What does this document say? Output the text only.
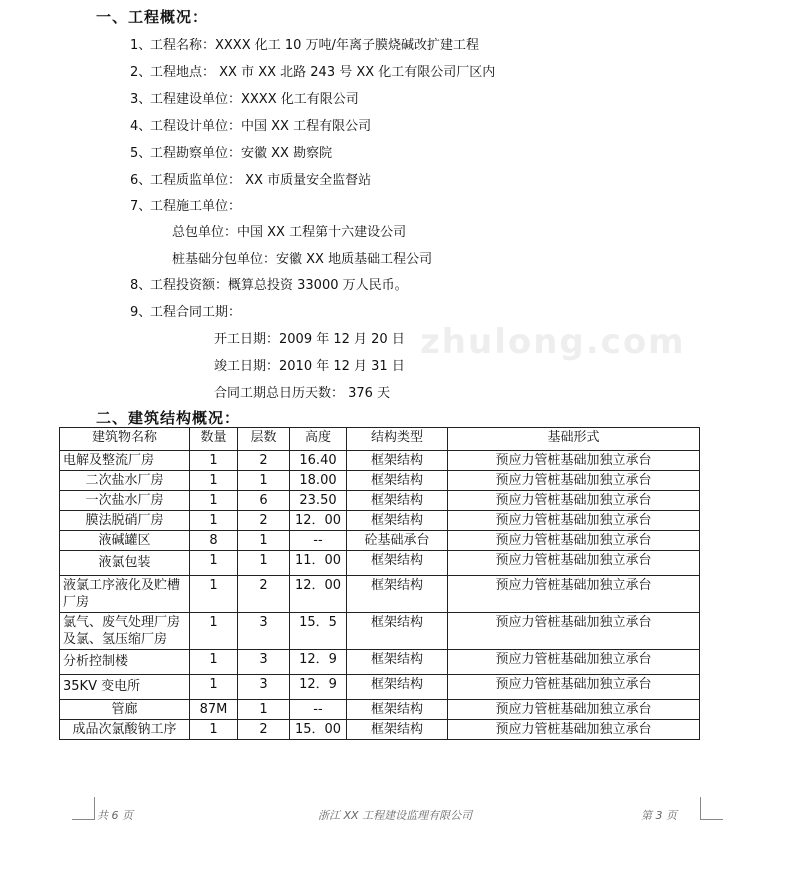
zhulong.com
一、工程概况：
1、工程名称：XXXX 化工 10 万吨/年离子膜烧碱改扩建工程
2、工程地点： XX 市 XX 北路 243 号 XX 化工有限公司厂区内
3、工程建设单位：XXXX 化工有限公司
4、工程设计单位：中国 XX 工程有限公司
5、工程勘察单位：安徽 XX 勘察院
6、工程质监单位： XX 市质量安全监督站
7、工程施工单位：
总包单位：中国 XX 工程第十六建设公司
桩基础分包单位：安徽 XX 地质基础工程公司
8、工程投资额：概算总投资 33000 万人民币。
9、工程合同工期：
开工日期：2009 年 12 月 20 日
竣工日期：2010 年 12 月 31 日
合同工期总日历天数： 376 天
二、建筑结构概况：
建筑物名称	数量	层数	高度	结构类型	基础形式
电解及整流厂房	1	2	16.40	框架结构	预应力管桩基础加独立承台
二次盐水厂房	1	1	18.00	框架结构	预应力管桩基础加独立承台
一次盐水厂房	1	6	23.50	框架结构	预应力管桩基础加独立承台
膜法脱硝厂房	1	2	12．00	框架结构	预应力管桩基础加独立承台
液碱罐区	8	1	--	砼基础承台	预应力管桩基础加独立承台
液氯包装	1	1	11．00	框架结构	预应力管桩基础加独立承台
液氯工序液化及贮槽厂房	1	2	12．00	框架结构	预应力管桩基础加独立承台
氯气、废气处理厂房及氯、氢压缩厂房	1	3	15．5	框架结构	预应力管桩基础加独立承台
分析控制楼	1	3	12．9	框架结构	预应力管桩基础加独立承台
35KV 变电所	1	3	12．9	框架结构	预应力管桩基础加独立承台
管廊	87M	1	--	框架结构	预应力管桩基础加独立承台
成品次氯酸钠工序	1	2	15．00	框架结构	预应力管桩基础加独立承台
共 6 页	浙江 XX 工程建设监理有限公司	第 3 页
